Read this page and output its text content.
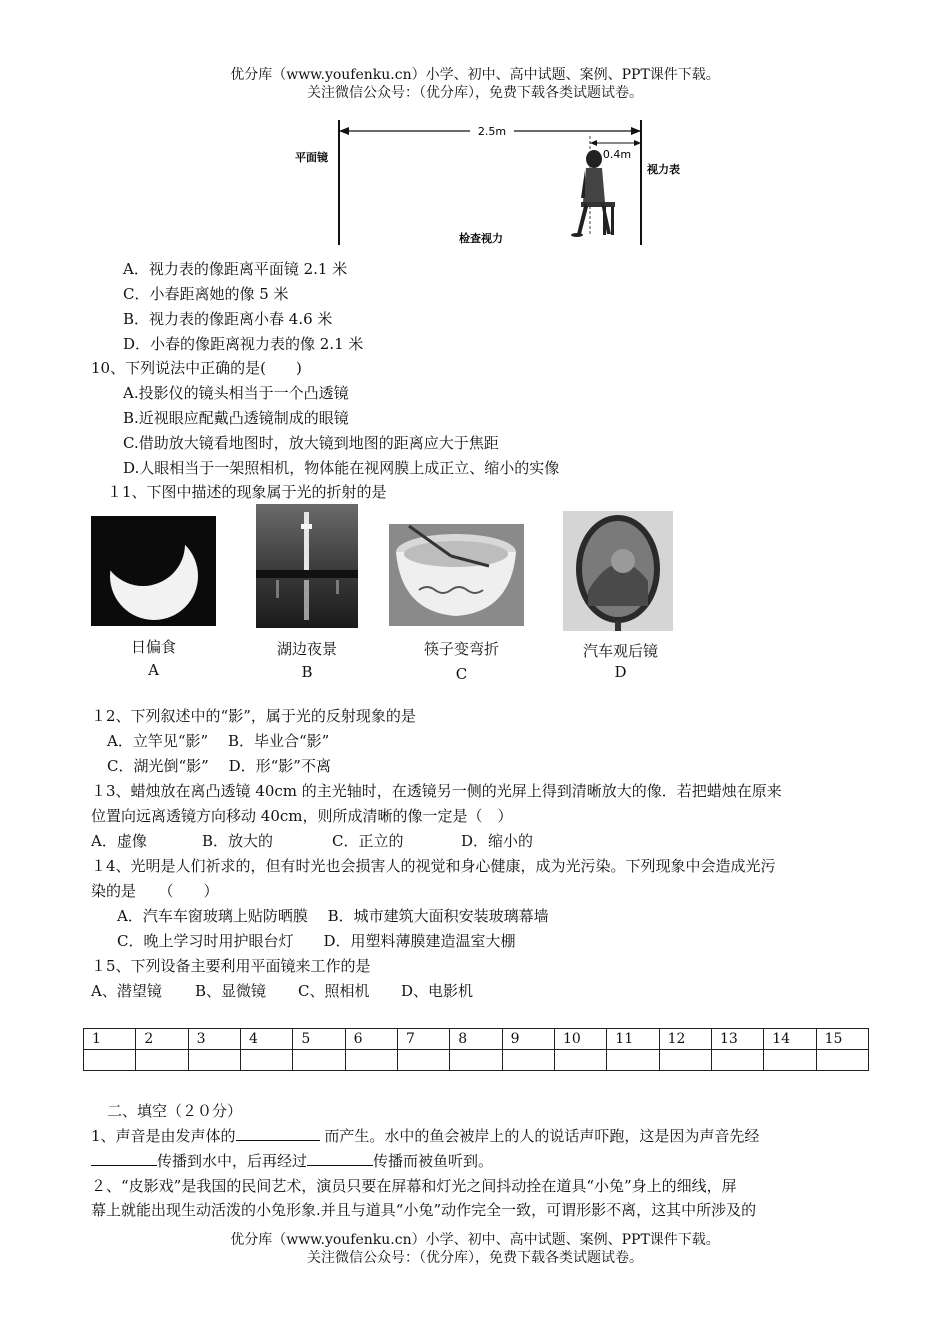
优分库（www.youfenku.cn）小学、初中、高中试题、案例、PPT课件下载。
关注微信公众号：（优分库），免费下载各类试题试卷。
2.5m
0.4m
平面镜
视力表
检查视力
A．视力表的像距离平面镜 2.1 米
C．小春距离她的像 5 米
B．视力表的像距离小春 4.6 米
D．小春的像距离视力表的像 2.1 米
10、下列说法中正确的是(　　)
A.投影仪的镜头相当于一个凸透镜
B.近视眼应配戴凸透镜制成的眼镜
C.借助放大镜看地图时，放大镜到地图的距离应大于焦距
D.人眼相当于一架照相机，物体能在视网膜上成正立、缩小的实像
１1、下图中描述的现象属于光的折射的是
日偏食
A
湖边夜景
B
筷子变弯折
C
汽车观后镜
D
１2、下列叙述中的“影”，属于光的反射现象的是
A．立竿见“影”　 B．毕业合“影”
C．湖光倒“影”　 D．形“影”不离
１3、蜡烛放在离凸透镜 40cm 的主光轴时，在透镜另一侧的光屏上得到清晰放大的像．若把蜡烛在原来
位置向远离透镜方向移动 40cm，则所成清晰的像一定是（　）
A．虚像	B．放大的	C．正立的	D．缩小的
１4、光明是人们祈求的，但有时光也会损害人的视觉和身心健康，成为光污染。下列现象中会造成光污
染的是　　（　　）
A．汽车车窗玻璃上贴防晒膜　 B．城市建筑大面积安装玻璃幕墙
C．晚上学习时用护眼台灯　　D．用塑料薄膜建造温室大棚
１5、下列设备主要利用平面镜来工作的是
A、潜望镜 B、显微镜 C、照相机 D、电影机
1	2	3	4	5	6	7	8	9	10	11	12	13	14	15

二、填空（２０分）
1、声音是由发声体的	而产生。水中的鱼会被岸上的人的说话声吓跑，这是因为声音先经
传播到水中，后再经过	传播而被鱼听到。
２、“皮影戏”是我国的民间艺术，演员只要在屏幕和灯光之间抖动拴在道具“小兔”身上的细线，屏
幕上就能出现生动活泼的小兔形象.并且与道具“小兔”动作完全一致，可谓形影不离，这其中所涉及的
优分库（www.youfenku.cn）小学、初中、高中试题、案例、PPT课件下载。
关注微信公众号：（优分库），免费下载各类试题试卷。
